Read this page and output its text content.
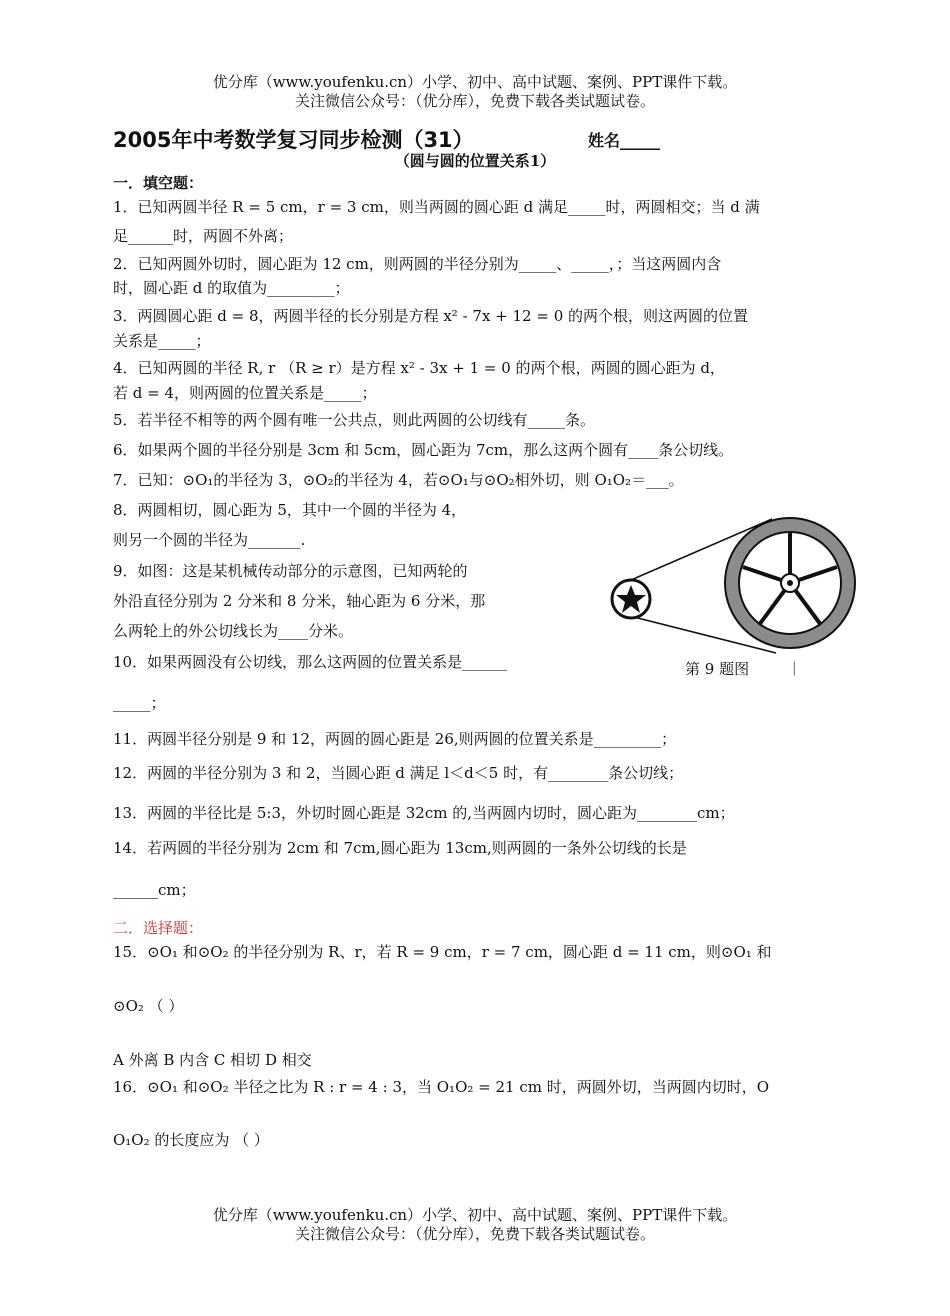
优分库（www.youfenku.cn）小学、初中、高中试题、案例、PPT课件下载。
关注微信公众号：（优分库），免费下载各类试题试卷。
2005年中考数学复习同步检测（31）	姓名_____
（圆与圆的位置关系1）
一．填空题：
1．已知两圆半径 R = 5 cm，r = 3 cm，则当两圆的圆心距 d 满足_____时，两圆相交；当 d 满
足______时，两圆不外离；
2．已知两圆外切时，圆心距为 12 cm，则两圆的半径分别为_____、_____，；当这两圆内含
时，圆心距 d 的取值为_________；
3．两圆圆心距 d = 8，两圆半径的长分别是方程 x² - 7x + 12 = 0 的两个根，则这两圆的位置
关系是_____；
4．已知两圆的半径 R, r （R ≥ r）是方程 x² - 3x + 1 = 0 的两个根，两圆的圆心距为 d，
若 d = 4，则两圆的位置关系是_____；
5．若半径不相等的两个圆有唯一公共点，则此两圆的公切线有_____条。
6．如果两个圆的半径分别是 3cm 和 5cm，圆心距为 7cm，那么这两个圆有____条公切线。
7．已知：⊙O₁的半径为 3，⊙O₂的半径为 4，若⊙O₁与⊙O₂相外切，则 O₁O₂＝___。
8．两圆相切，圆心距为 5，其中一个圆的半径为 4，
则另一个圆的半径为_______.
9．如图：这是某机械传动部分的示意图，已知两轮的
外沿直径分别为 2 分米和 8 分米，轴心距为 6 分米，那
么两轮上的外公切线长为____分米。
10．如果两圆没有公切线，那么这两圆的位置关系是______
_____；
11．两圆半径分别是 9 和 12，两圆的圆心距是 26,则两圆的位置关系是_________；
12．两圆的半径分别为 3 和 2，当圆心距 d 满足 l＜d＜5 时，有________条公切线；
13．两圆的半径比是 5:3，外切时圆心距是 32cm 的,当两圆内切时，圆心距为________cm；
14．若两圆的半径分别为 2cm 和 7cm,圆心距为 13cm,则两圆的一条外公切线的长是
______cm；
二．选择题：
15．⊙O₁ 和⊙O₂ 的半径分别为 R、r，若 R = 9 cm，r = 7 cm，圆心距 d = 11 cm，则⊙O₁ 和
⊙O₂ （ ）
A 外离 B 内含 C 相切 D 相交
16．⊙O₁ 和⊙O₂ 半径之比为 R : r = 4 : 3，当 O₁O₂ = 21 cm 时，两圆外切，当两圆内切时，O
O₁O₂ 的长度应为 （ ）
第 9 题图	|
优分库（www.youfenku.cn）小学、初中、高中试题、案例、PPT课件下载。
关注微信公众号：（优分库），免费下载各类试题试卷。
